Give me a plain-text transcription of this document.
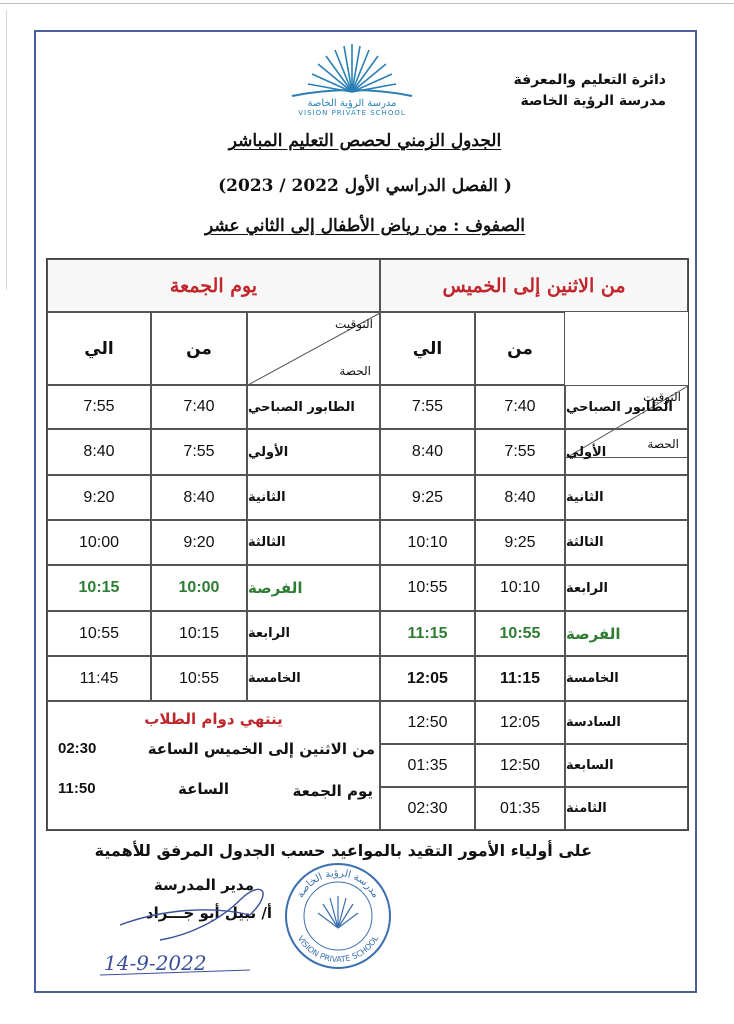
دائرة التعليم والمعرفة
مدرسة الرؤية الخاصة
مدرسة الرؤية الخاصة
VISION PRIVATE SCHOOL
الجدول الزمني لحصص التعليم المباشر
( الفصل الدراسي الأول 2022 / 2023)
الصفوف : من رياض الأطفال إلى الثاني عشر
يوم الجمعة	من الاثنين إلى الخميس
الي	من
التوقيت
الحصة
الي	من
التوقيت
الحصة
7:55	7:40	الطابور الصباحي
8:40	7:55	الأولي
9:25	8:40	الثانية
10:10	9:25	الثالثة
10:55	10:10	الرابعة
11:15	10:55	الفرصة
12:05	11:15	الخامسة
12:50	12:05	السادسة
01:35	12:50	السابعة
02:30	01:35	الثامنة
7:55	7:40	الطابور الصباحي
8:40	7:55	الأولي
9:20	8:40	الثانية
10:00	9:20	الثالثة
10:15	10:00	الفرصة
10:55	10:15	الرابعة
11:45	10:55	الخامسة
ينتهي دوام الطلاب
من الاثنين إلى الخميس الساعة
02:30
يوم الجمعة
الساعة
11:50
على أولياء الأمور التقيد بالمواعيد حسب الجدول المرفق للأهمية
مدير المدرسة
أ/ نبيل أبو جـــراد
14-9-2022
مدرسة الرؤية الخاصة
VISION PRIVATE SCHOOL
